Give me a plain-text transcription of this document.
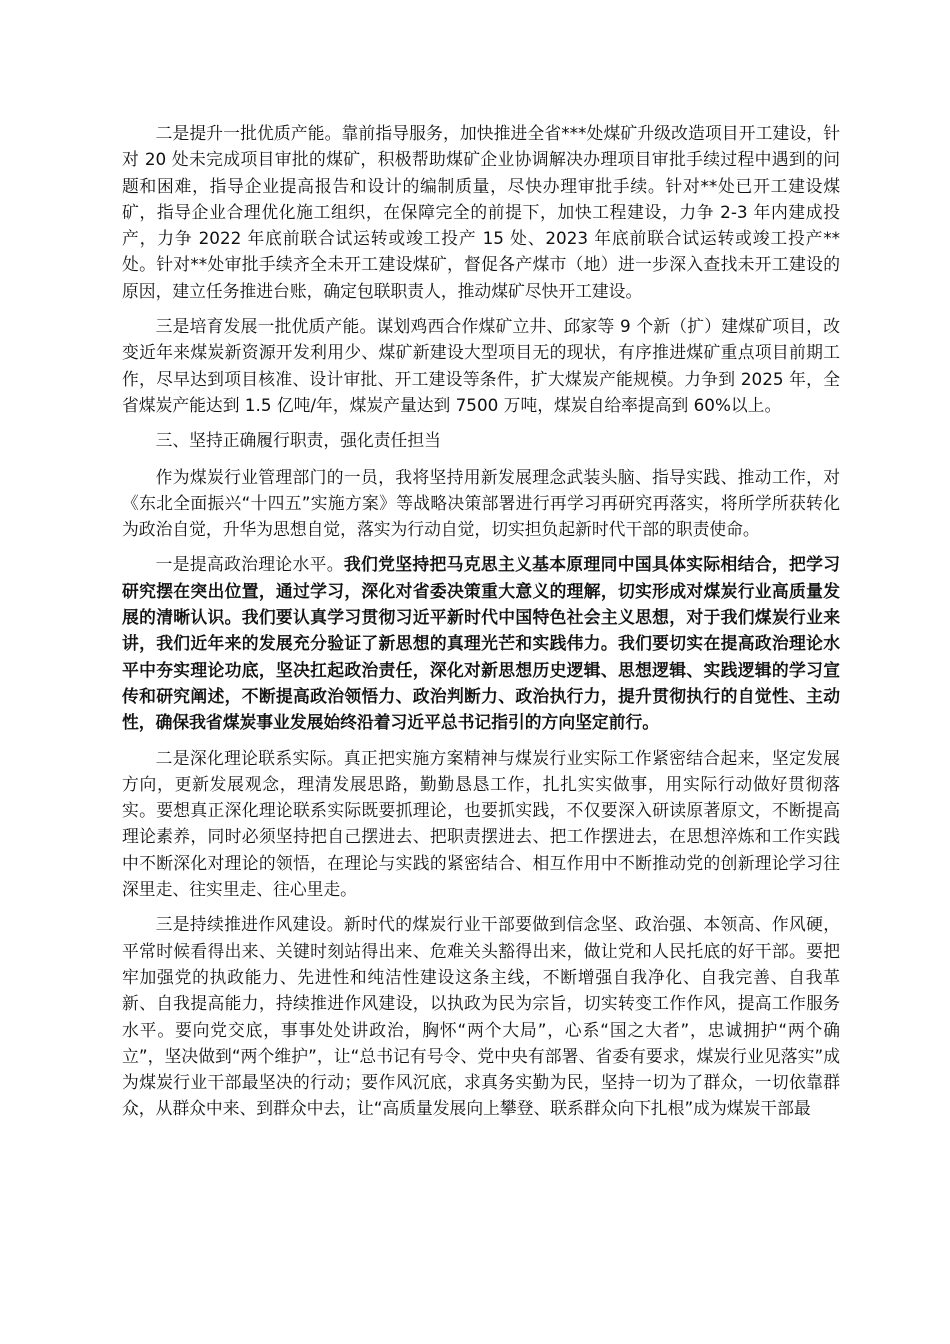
二是提升一批优质产能。靠前指导服务，加快推进全省***处煤矿升级改造项目开工建设，针对 20 处未完成项目审批的煤矿，积极帮助煤矿企业协调解决办理项目审批手续过程中遇到的问题和困难，指导企业提高报告和设计的编制质量，尽快办理审批手续。针对**处已开工建设煤矿，指导企业合理优化施工组织，在保障完全的前提下，加快工程建设，力争 2-3 年内建成投产，力争 2022 年底前联合试运转或竣工投产 15 处、2023 年底前联合试运转或竣工投产**处。针对**处审批手续齐全未开工建设煤矿，督促各产煤市（地）进一步深入查找未开工建设的原因，建立任务推进台账，确定包联职责人，推动煤矿尽快开工建设。

三是培育发展一批优质产能。谋划鸡西合作煤矿立井、邱家等 9 个新（扩）建煤矿项目，改变近年来煤炭新资源开发利用少、煤矿新建设大型项目无的现状，有序推进煤矿重点项目前期工作，尽早达到项目核准、设计审批、开工建设等条件，扩大煤炭产能规模。力争到 2025 年，全省煤炭产能达到 1.5 亿吨/年，煤炭产量达到 7500 万吨，煤炭自给率提高到 60%以上。

三、坚持正确履行职责，强化责任担当

作为煤炭行业管理部门的一员，我将坚持用新发展理念武装头脑、指导实践、推动工作，对《东北全面振兴“十四五”实施方案》等战略决策部署进行再学习再研究再落实，将所学所获转化为政治自觉，升华为思想自觉，落实为行动自觉，切实担负起新时代干部的职责使命。

一是提高政治理论水平。我们党坚持把马克思主义基本原理同中国具体实际相结合，把学习研究摆在突出位置，通过学习，深化对省委决策重大意义的理解，切实形成对煤炭行业高质量发展的清晰认识。我们要认真学习贯彻习近平新时代中国特色社会主义思想，对于我们煤炭行业来讲，我们近年来的发展充分验证了新思想的真理光芒和实践伟力。我们要切实在提高政治理论水平中夯实理论功底，坚决扛起政治责任，深化对新思想历史逻辑、思想逻辑、实践逻辑的学习宣传和研究阐述，不断提高政治领悟力、政治判断力、政治执行力，提升贯彻执行的自觉性、主动性，确保我省煤炭事业发展始终沿着习近平总书记指引的方向坚定前行。

二是深化理论联系实际。真正把实施方案精神与煤炭行业实际工作紧密结合起来，坚定发展方向，更新发展观念，理清发展思路，勤勤恳恳工作，扎扎实实做事，用实际行动做好贯彻落实。要想真正深化理论联系实际既要抓理论，也要抓实践，不仅要深入研读原著原文，不断提高理论素养，同时必须坚持把自己摆进去、把职责摆进去、把工作摆进去，在思想淬炼和工作实践中不断深化对理论的领悟，在理论与实践的紧密结合、相互作用中不断推动党的创新理论学习往深里走、往实里走、往心里走。

三是持续推进作风建设。新时代的煤炭行业干部要做到信念坚、政治强、本领高、作风硬，平常时候看得出来、关键时刻站得出来、危难关头豁得出来，做让党和人民托底的好干部。要把牢加强党的执政能力、先进性和纯洁性建设这条主线，不断增强自我净化、自我完善、自我革新、自我提高能力，持续推进作风建设，以执政为民为宗旨，切实转变工作作风，提高工作服务水平。要向党交底，事事处处讲政治，胸怀“两个大局”，心系“国之大者”，忠诚拥护“两个确立”，坚决做到“两个维护”，让“总书记有号令、党中央有部署、省委有要求，煤炭行业见落实”成为煤炭行业干部最坚决的行动；要作风沉底，求真务实勤为民，坚持一切为了群众，一切依靠群众，从群众中来、到群众中去，让“高质量发展向上攀登、联系群众向下扎根”成为煤炭干部最
